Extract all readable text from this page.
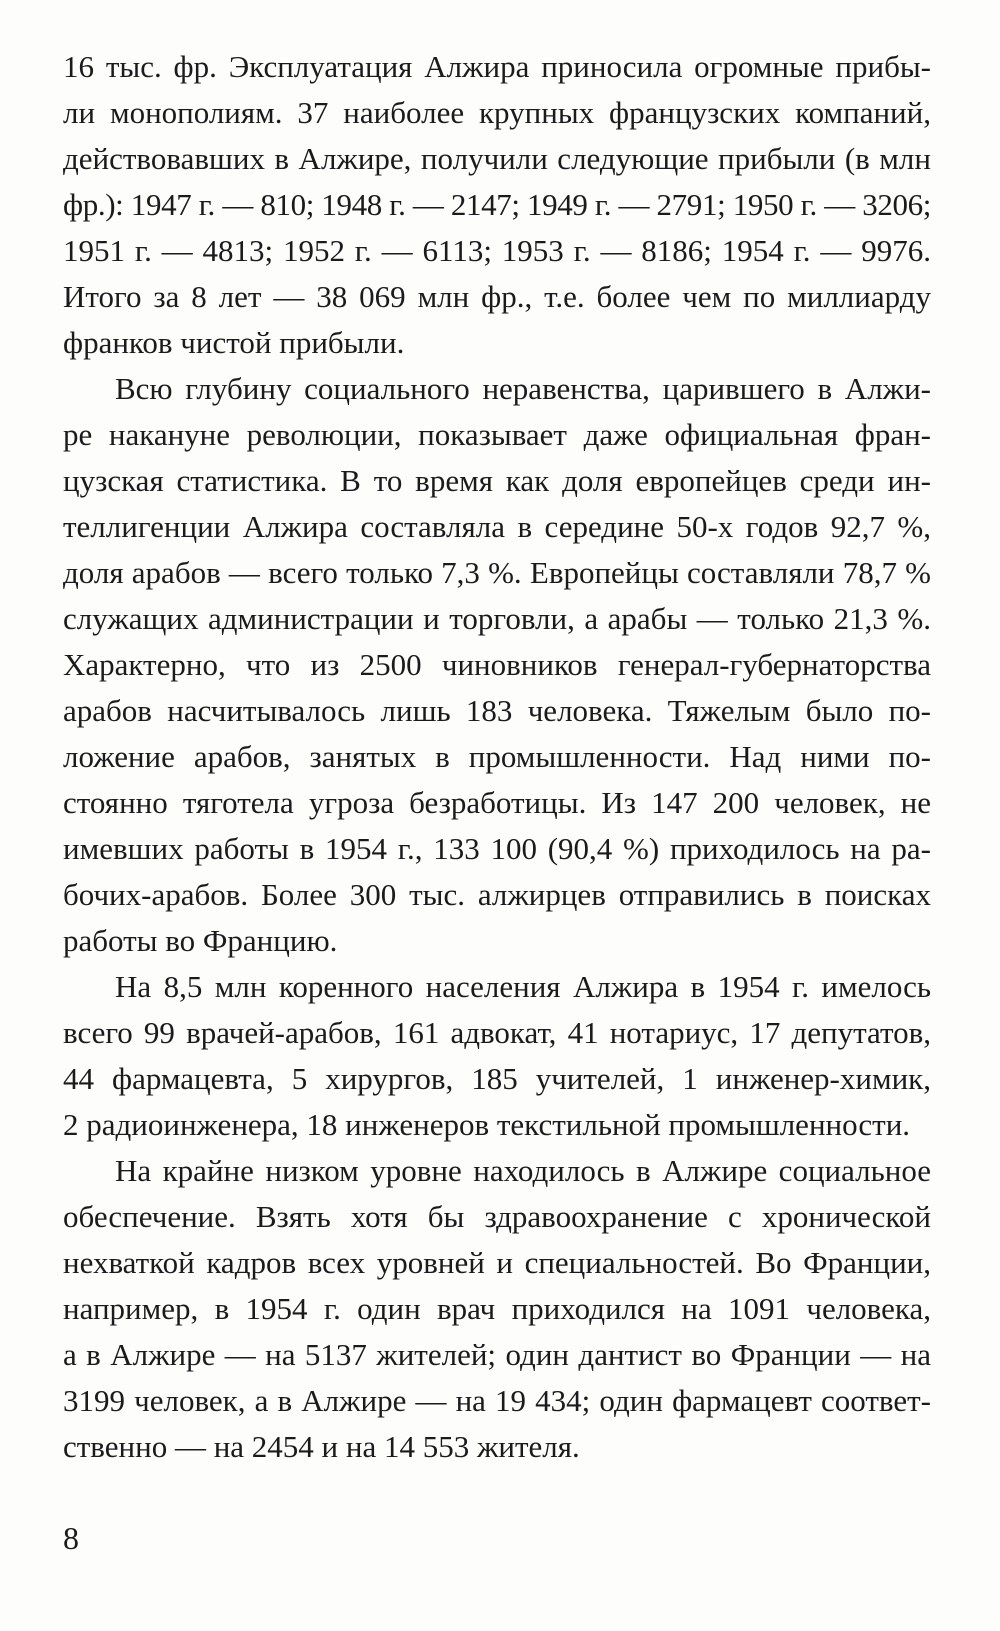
16 тыс. фр. Эксплуатация Алжира приносила огромные прибы-
ли монополиям. 37 наиболее крупных французских компаний,
действовавших в Алжире, получили следующие прибыли (в млн
фр.): 1947 г. — 810; 1948 г. — 2147; 1949 г. — 2791; 1950 г. — 3206;
1951 г. — 4813; 1952 г. — 6113; 1953 г. — 8186; 1954 г. — 9976.
Итого за 8 лет — 38 069 млн фр., т.е. более чем по миллиарду
франков чистой прибыли.
Всю глубину социального неравенства, царившего в Алжи-
ре накануне революции, показывает даже официальная фран-
цузская статистика. В то время как доля европейцев среди ин-
теллигенции Алжира составляла в середине 50-х годов 92,7 %,
доля арабов — всего только 7,3 %. Европейцы составляли 78,7 %
служащих администрации и торговли, а арабы — только 21,3 %.
Характерно, что из 2500 чиновников генерал-губернаторства
арабов насчитывалось лишь 183 человека. Тяжелым было по-
ложение арабов, занятых в промышленности. Над ними по-
стоянно тяготела угроза безработицы. Из 147 200 человек, не
имевших работы в 1954 г., 133 100 (90,4 %) приходилось на ра-
бочих-арабов. Более 300 тыс. алжирцев отправились в поисках
работы во Францию.
На 8,5 млн коренного населения Алжира в 1954 г. имелось
всего 99 врачей-арабов, 161 адвокат, 41 нотариус, 17 депутатов,
44 фармацевта, 5 хирургов, 185 учителей, 1 инженер-химик,
2 радиоинженера, 18 инженеров текстильной промышленности.
На крайне низком уровне находилось в Алжире социальное
обеспечение. Взять хотя бы здравоохранение с хронической
нехваткой кадров всех уровней и специальностей. Во Франции,
например, в 1954 г. один врач приходился на 1091 человека,
а в Алжире — на 5137 жителей; один дантист во Франции — на
3199 человек, а в Алжире — на 19 434; один фармацевт соответ-
ственно — на 2454 и на 14 553 жителя.
8
